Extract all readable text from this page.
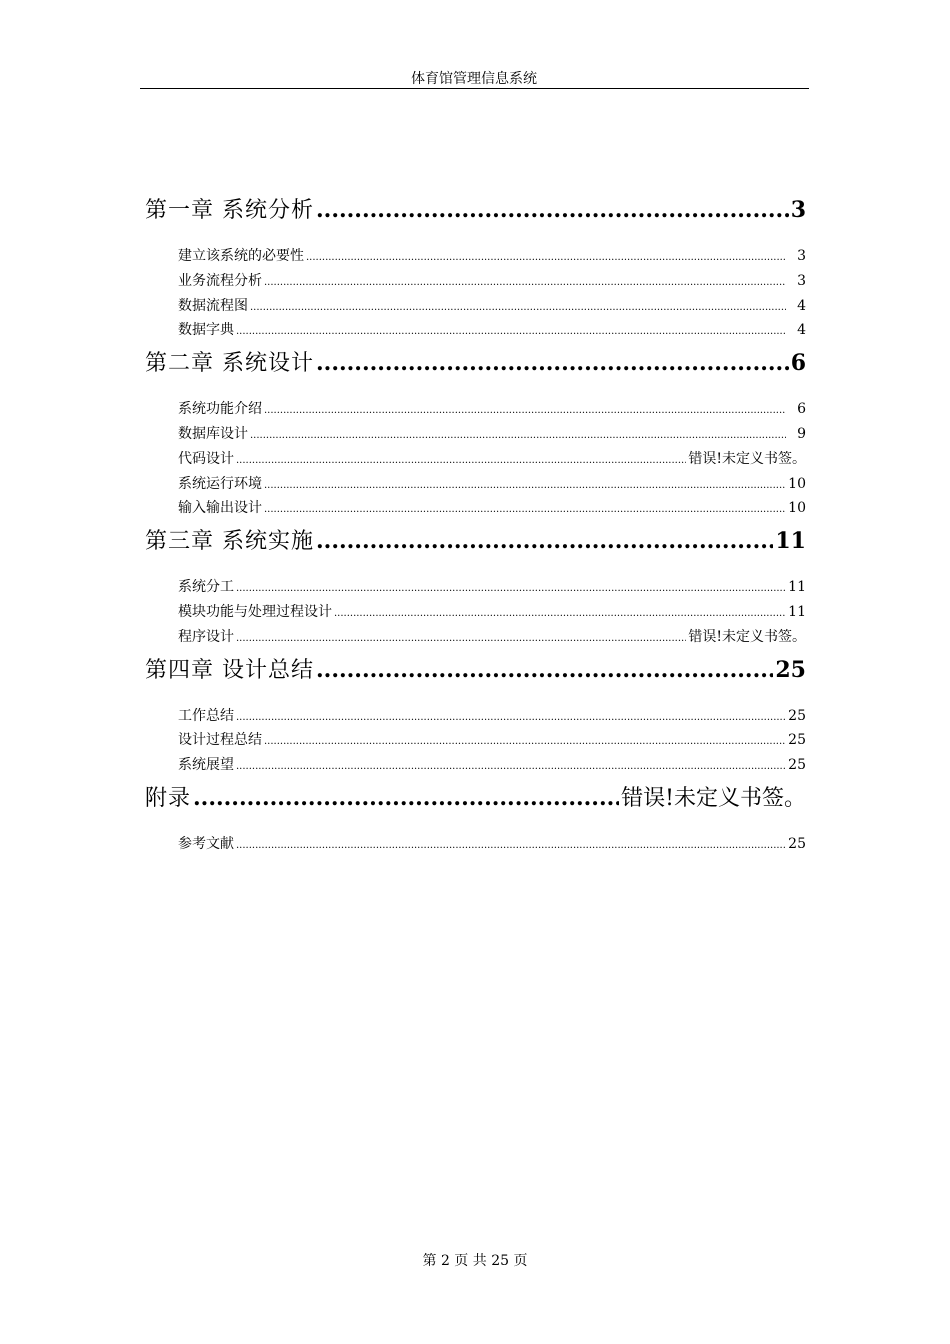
体育馆管理信息系统
第一章 系统分析 .....	3
建立该系统的必要性 .....	3
业务流程分析 .....	3
数据流程图 .....	4
数据字典 .....	4
第二章 系统设计 .....	6
系统功能介绍 .....	6
数据库设计 .....	9
代码设计 .....	错误!未定义书签。
系统运行环境 .....	10
输入输出设计 .....	10
第三章 系统实施 .....	11
系统分工 .....	11
模块功能与处理过程设计 .....	11
程序设计 .....	错误!未定义书签。
第四章 设计总结 .....	25
工作总结 .....	25
设计过程总结 .....	25
系统展望 .....	25
附录 .....	错误!未定义书签。
参考文献 .....	25
第 2 页 共 25 页
